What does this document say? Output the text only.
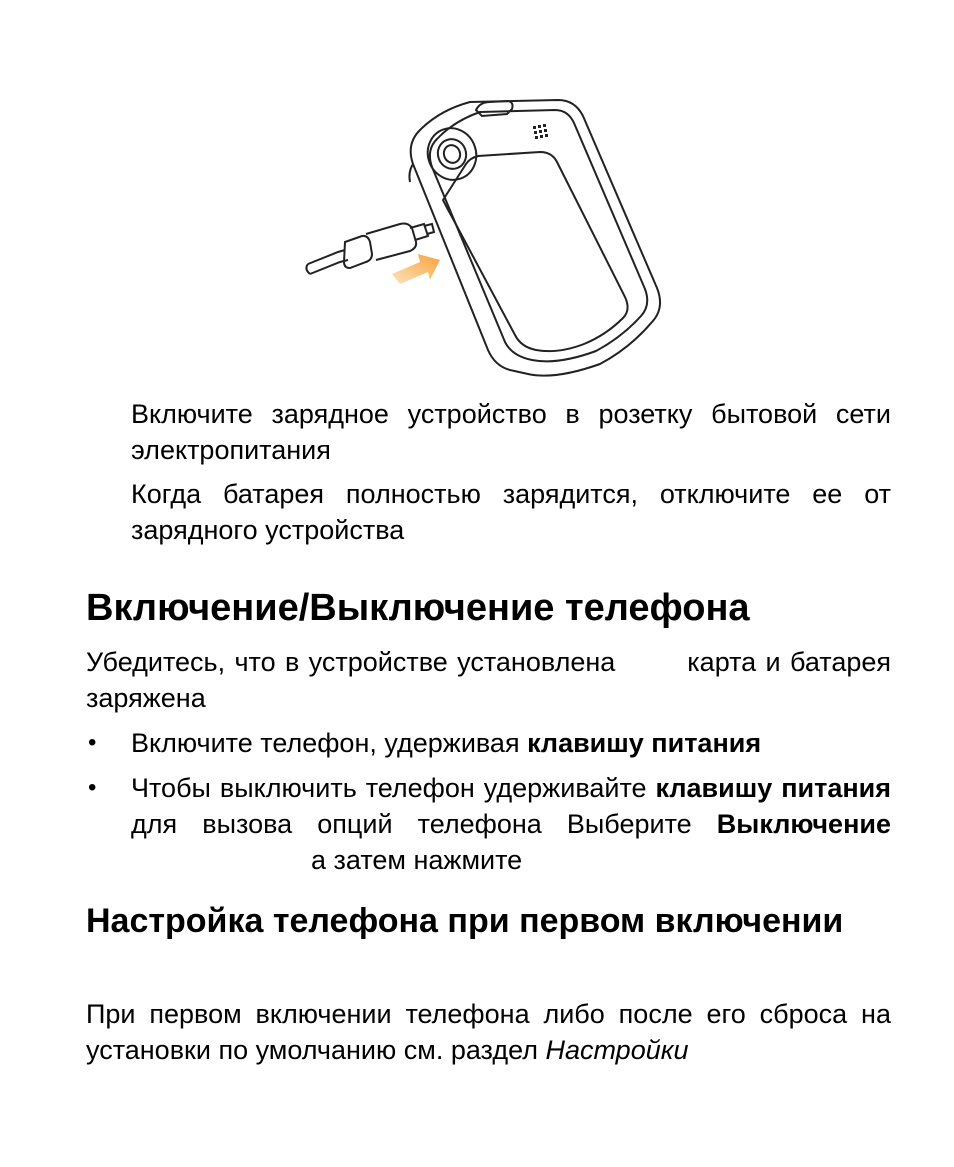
Включите зарядное устройство в розетку бытовой сети электропитания

Когда батарея полностью зарядится, отключите ее от зарядного устройства

Включение/Выключение телефона

Убедитесь, что в устройстве установлена	карта и батарея заряжена

• Включите телефон, удерживая клавишу питания

• Чтобы выключить телефон удерживайте клавишу питания для вызова опций телефона Выберите Выключениеа затем нажмите

Настройка телефона при первом включении

При первом включении телефона либо после его сброса на установки по умолчанию см. раздел Настройки
